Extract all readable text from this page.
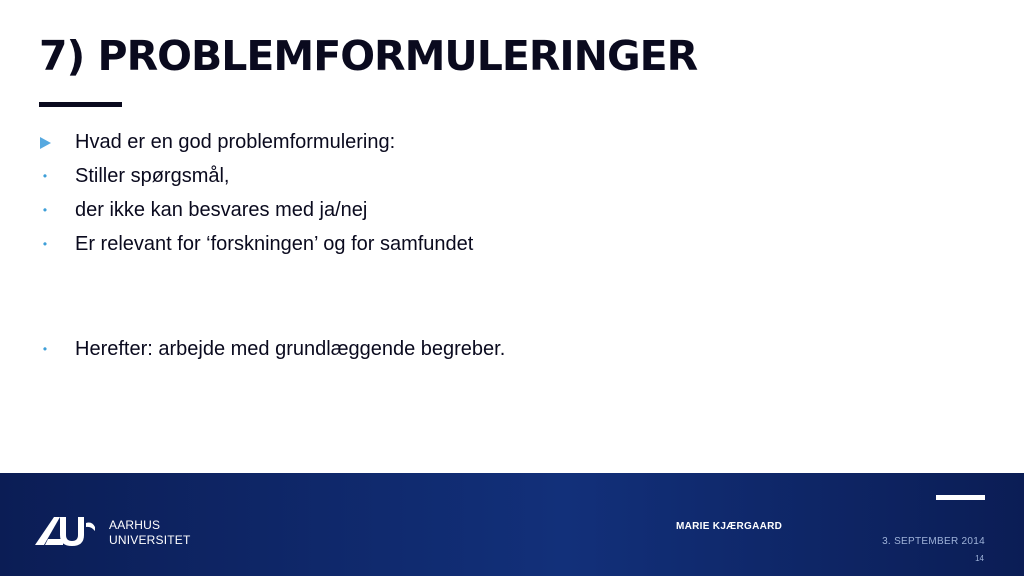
7) PROBLEMFORMULERINGER
Hvad er en god problemformulering:
• Stiller spørgsmål,
• der ikke kan besvares med ja/nej
• Er relevant for ‘forskningen’ og for samfundet
• Herefter: arbejde med grundlæggende begreber.
AARHUS
UNIVERSITET
MARIE KJÆRGAARD
3. SEPTEMBER 2014
14
